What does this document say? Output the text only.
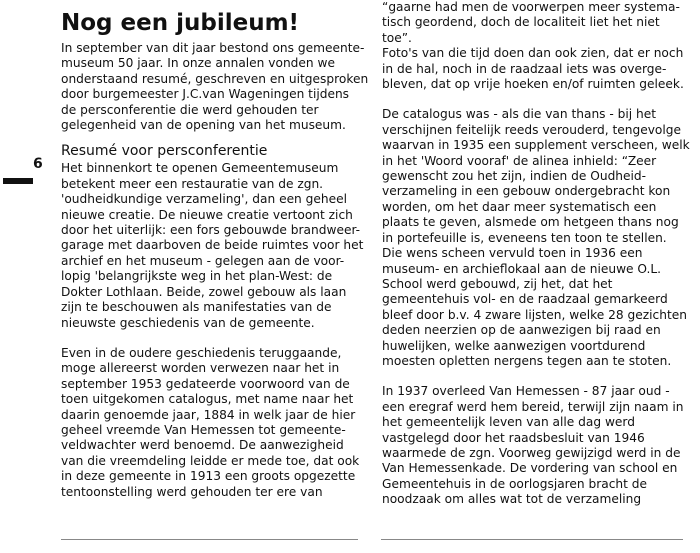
6
Nog een jubileum!

In september van dit jaar bestond ons gemeente-

museum 50 jaar. In onze annalen vonden we

onderstaand resumé, geschreven en uitgesproken

door burgemeester J.C.van Wageningen tijdens

de persconferentie die werd gehouden ter

gelegenheid van de opening van het museum.

Resumé voor persconferentie

Het binnenkort te openen Gemeentemuseum

betekent meer een restauratie van de zgn.

'oudheidkundige verzameling', dan een geheel

nieuwe creatie. De nieuwe creatie vertoont zich

door het uiterlijk: een fors gebouwde brandweer-

garage met daarboven de beide ruimtes voor het

archief en het museum - gelegen aan de voor-

lopig 'belangrijkste weg in het plan-West: de

Dokter Lothlaan. Beide, zowel gebouw als laan

zijn te beschouwen als manifestaties van de

nieuwste geschiedenis van de gemeente.

Even in de oudere geschiedenis teruggaande,

moge allereerst worden verwezen naar het in

september 1953 gedateerde voorwoord van de

toen uitgekomen catalogus, met name naar het

daarin genoemde jaar, 1884 in welk jaar de hier

geheel vreemde Van Hemessen tot gemeente-

veldwachter werd benoemd. De aanwezigheid

van die vreemdeling leidde er mede toe, dat ook

in deze gemeente in 1913 een groots opgezette

tentoonstelling werd gehouden ter ere van

“gaarne had men de voorwerpen meer systema-

tisch geordend, doch de localiteit liet het niet

toe”.

Foto's van die tijd doen dan ook zien, dat er noch

in de hal, noch in de raadzaal iets was overge-

bleven, dat op vrije hoeken en/of ruimten geleek.

De catalogus was - als die van thans - bij het

verschijnen feitelijk reeds verouderd, tengevolge

waarvan in 1935 een supplement verscheen, welk

in het 'Woord vooraf' de alinea inhield: “Zeer

gewenscht zou het zijn, indien de Oudheid-

verzameling in een gebouw ondergebracht kon

worden, om het daar meer systematisch een

plaats te geven, alsmede om hetgeen thans nog

in portefeuille is, eveneens ten toon te stellen.

Die wens scheen vervuld toen in 1936 een

museum- en archieflokaal aan de nieuwe O.L.

School werd gebouwd, zij het, dat het

gemeentehuis vol- en de raadzaal gemarkeerd

bleef door b.v. 4 zware lijsten, welke 28 gezichten

deden neerzien op de aanwezigen bij raad en

huwelijken, welke aanwezigen voortdurend

moesten opletten nergens tegen aan te stoten.

In 1937 overleed Van Hemessen - 87 jaar oud -

een eregraf werd hem bereid, terwijl zijn naam in

het gemeentelijk leven van alle dag werd

vastgelegd door het raadsbesluit van 1946

waarmede de zgn. Voorweg gewijzigd werd in de

Van Hemessenkade. De vordering van school en

Gemeentehuis in de oorlogsjaren bracht de

noodzaak om alles wat tot de verzameling
